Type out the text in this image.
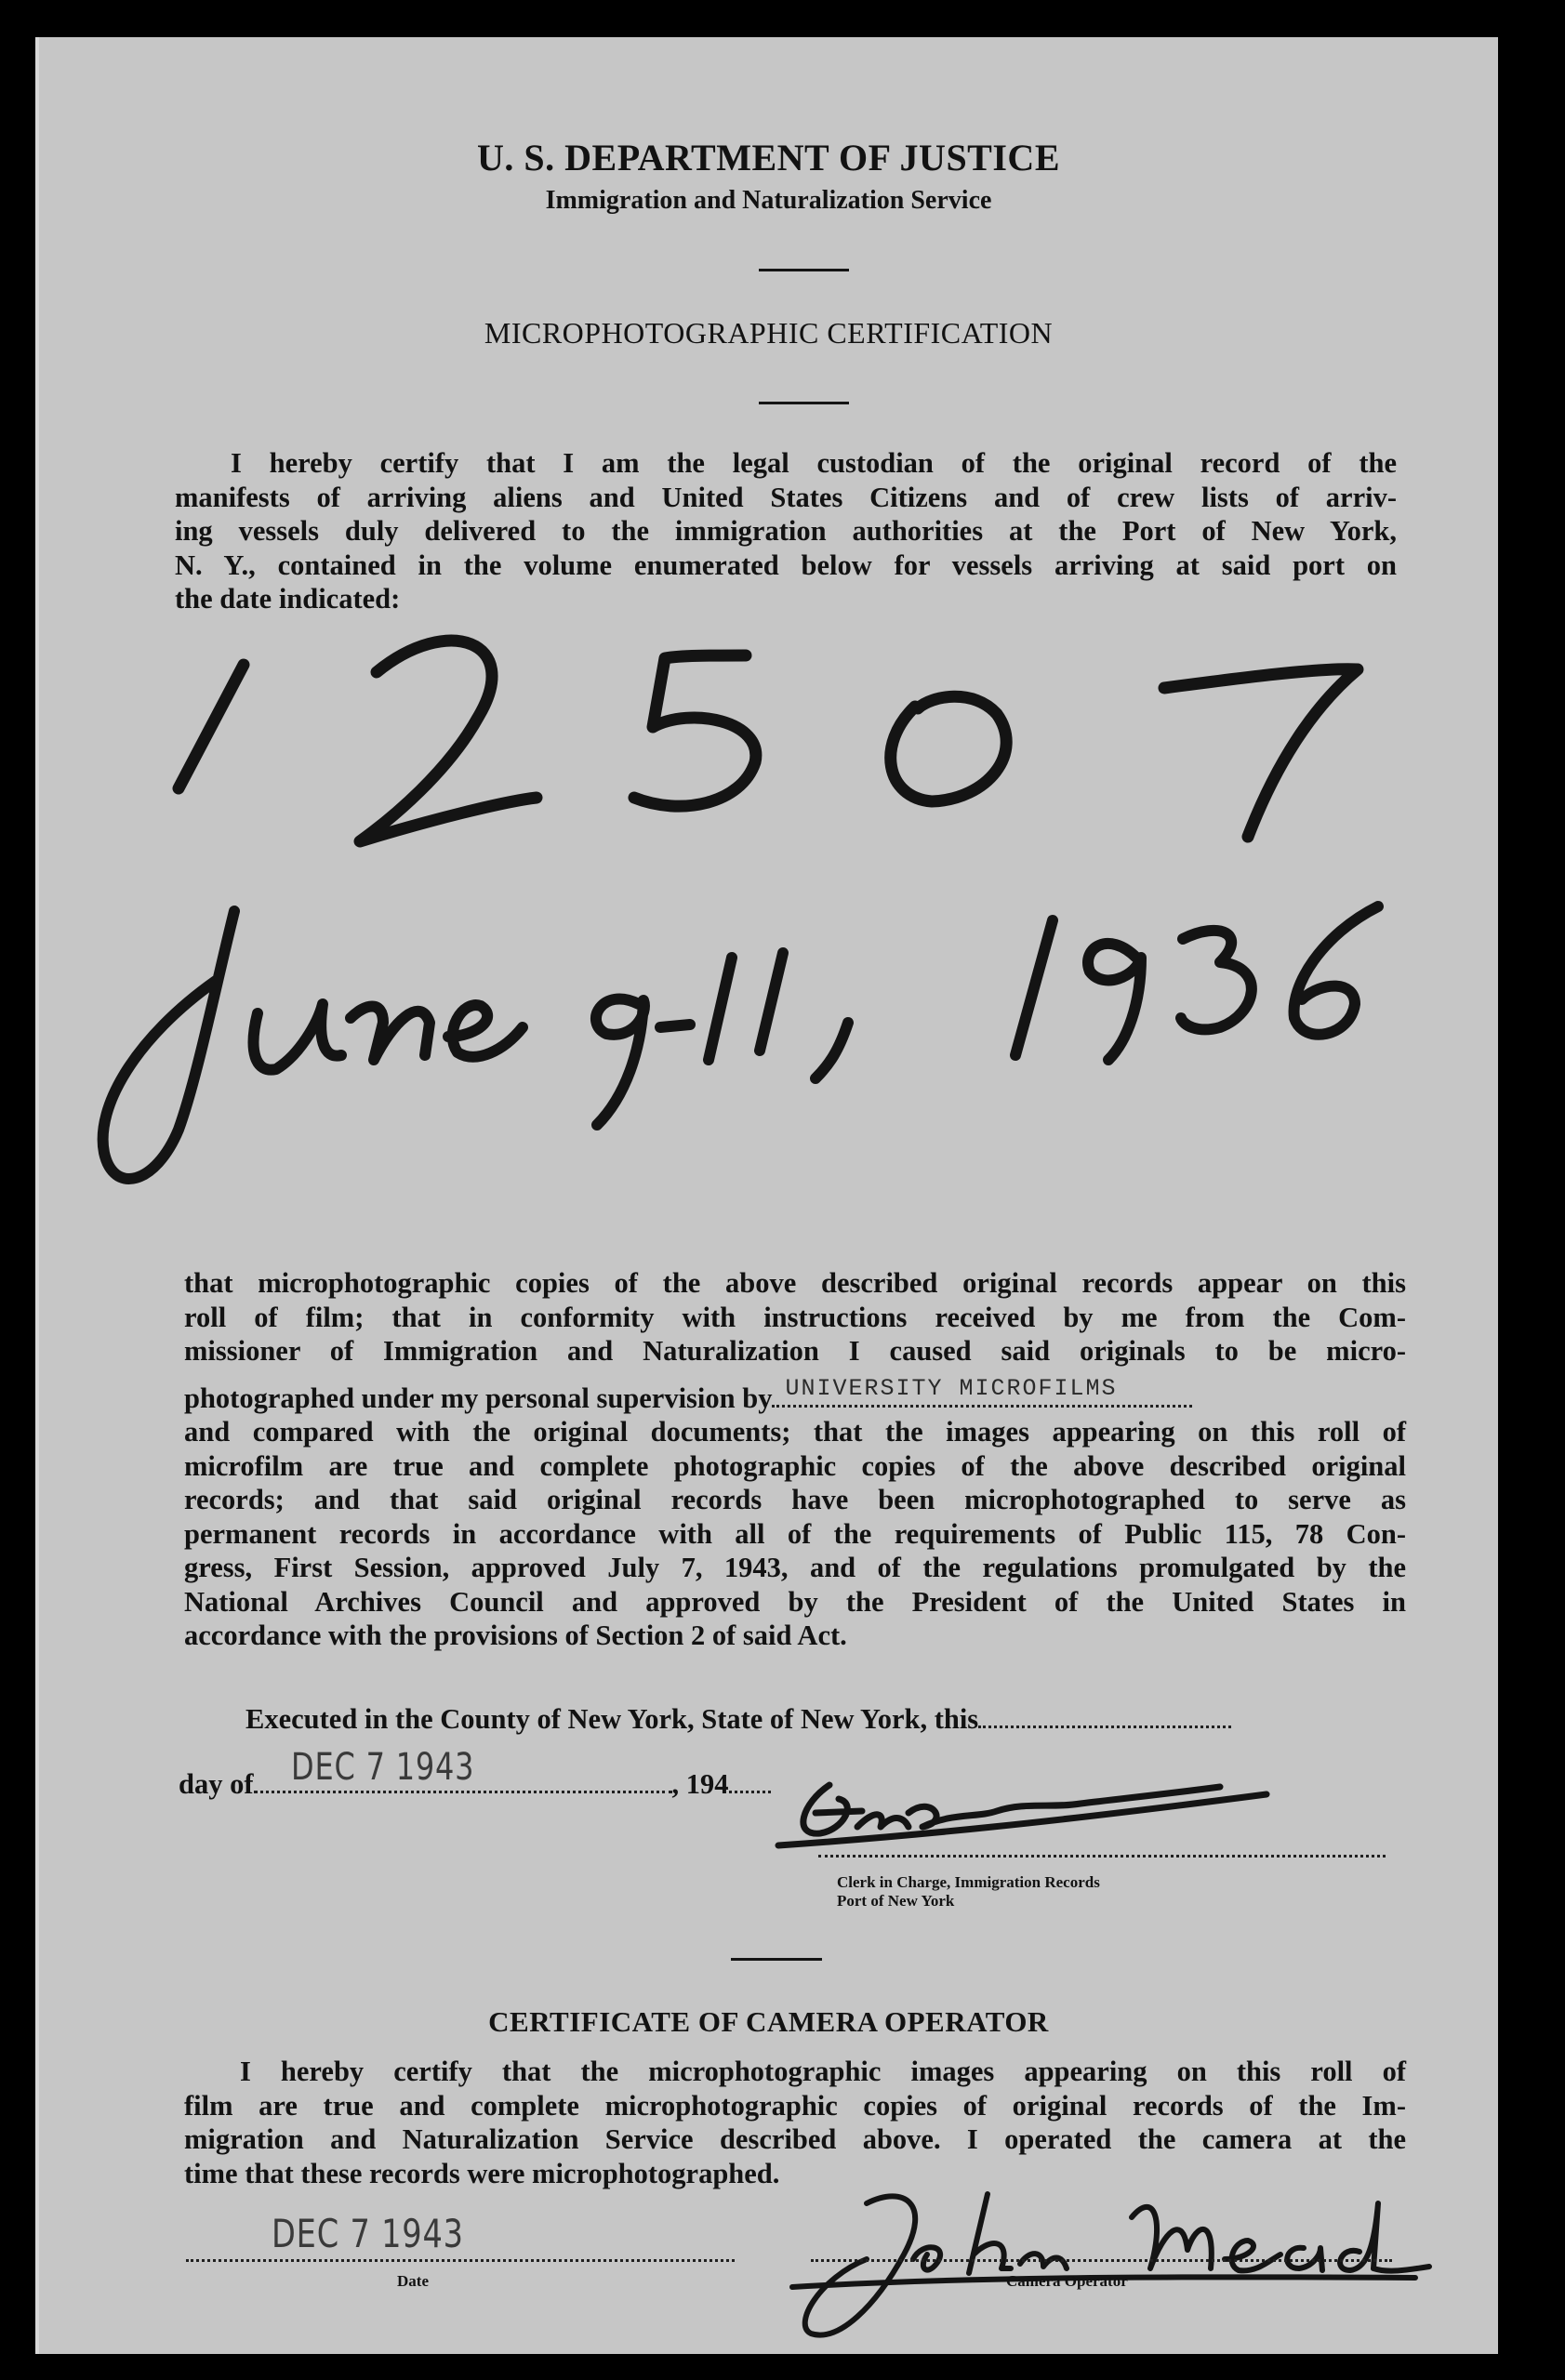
U. S. DEPARTMENT OF JUSTICE
Immigration and Naturalization Service
MICROPHOTOGRAPHIC CERTIFICATION
I hereby certify that I am the legal custodian of the original record of the
manifests of arriving aliens and United States Citizens and of crew lists of arriv-
ing vessels duly delivered to the immigration authorities at the Port of New York,
N. Y., contained in the volume enumerated below for vessels arriving at said port on
the date indicated:
that microphotographic copies of the above described original records appear on this
roll of film; that in conformity with instructions received by me from the Com-
missioner of Immigration and Naturalization I caused said originals to be micro-
photographed under my personal supervision by UNIVERSITY MICROFILMS
and compared with the original documents; that the images appearing on this roll of
microfilm are true and complete photographic copies of the above described original
records; and that said original records have been microphotographed to serve as
permanent records in accordance with all of the requirements of Public 115, 78 Con-
gress, First Session, approved July 7, 1943, and of the regulations promulgated by the
National Archives Council and approved by the President of the United States in
accordance with the provisions of Section 2 of said Act.
Executed in the County of New York, State of New York, this
day of DEC 7 1943	, 194
Clerk in Charge, Immigration Records
Port of New York
CERTIFICATE OF CAMERA OPERATOR
I hereby certify that the microphotographic images appearing on this roll of
film are true and complete microphotographic copies of original records of the Im-
migration and Naturalization Service described above. I operated the camera at the
time that these records were microphotographed.
DEC 7 1943
Date	Camera Operator
